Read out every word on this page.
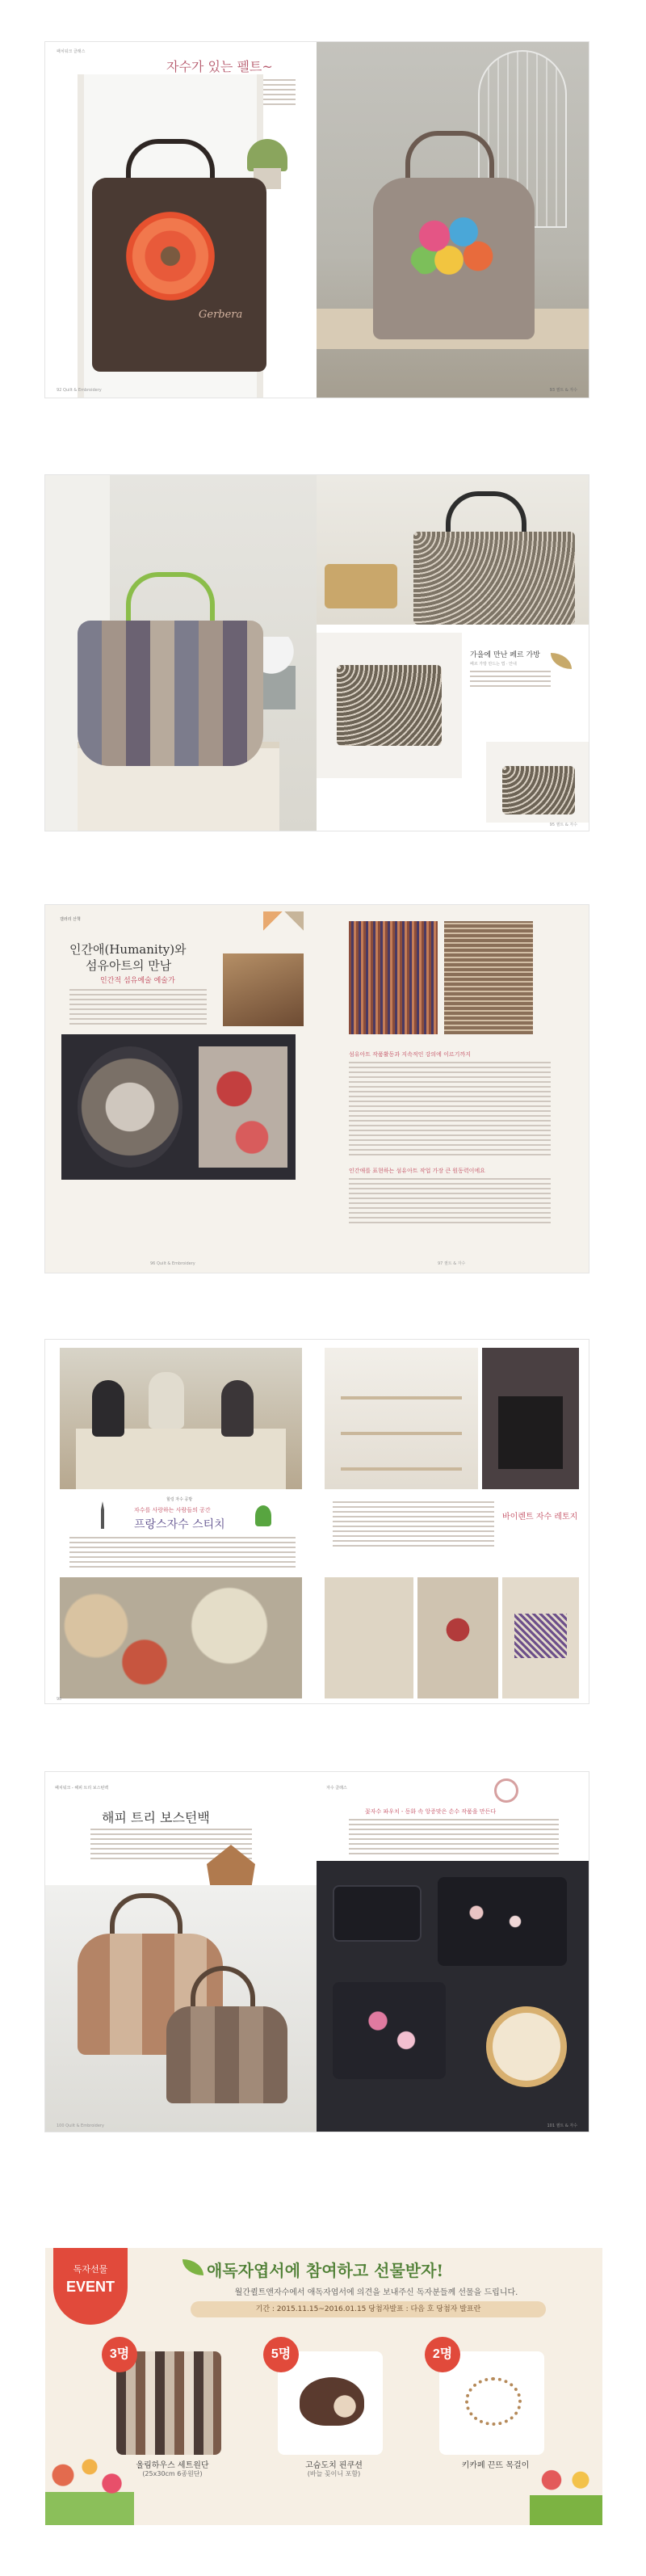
패치워크 클래스
자수가 있는 펠트~
Gerbera
92 Quilt & Embroidery	93 퀼트 & 자수
가을에 만난 페르 가방
페르 가방 만드는 법 · 안내
95 퀼트 & 자수
갤러리 산책
인간애(Humanity)와
섬유아트의 만남
인간적 섬유예술 예술가
96 Quilt & Embroidery
섬유아트 작품활동과 지속적인 강의에 이르기까지
인간애를 표현하는 섬유아트 작업 가장 큰 원동력이에요
97 퀼트 & 자수
힐링 자수 공방
자수를 사랑하는 사람들의 공간
프랑스자수 스티치
98
바이렌트 자수 레토지
패치워크 - 해피 트리 보스턴백
해피 트리 보스턴백
100 Quilt & Embroidery
자수 클래스
꽃자수 파우치 - 동화 속 앙증맞은 손수 작품을 만든다
101 퀼트 & 자수
독자선물
EVENT
애독자엽서에 참여하고 선물받자!
월간퀼트앤자수에서 애독자엽서에 의견을 보내주신 독자분들께 선물을 드립니다.
기간 : 2015.11.15~2016.01.15 당첨자발표 : 다음 호 당첨자 발표란
3명
울림하우스 세트원단
(25x30cm 6종원단)
5명
고슴도치 핀쿠션
(바늘 꽂이니 포함)
2명
키카페 끈뜨 목걸이
